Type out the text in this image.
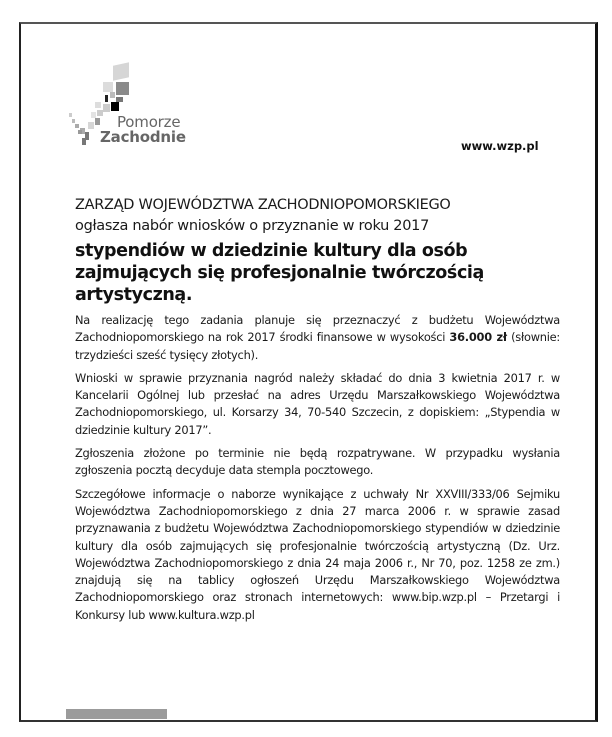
Pomorze
Zachodnie	www.wzp.pl
ZARZĄD WOJEWÓDZTWA ZACHODNIOPOMORSKIEGO
ogłasza nabór wniosków o przyznanie w roku 2017
stypendiów w dziedzinie kultury dla osób zajmujących się profesjonalnie twórczością artystyczną.
Na realizację tego zadania planuje się przeznaczyć z budżetu Województwa Zachodniopomorskiego na rok 2017 środki finansowe w wysokości 36.000 zł (słownie: trzydzieści sześć tysięcy złotych).
Wnioski w sprawie przyznania nagród należy składać do dnia 3 kwietnia 2017 r. w Kancelarii Ogólnej lub przesłać na adres Urzędu Marszałkowskiego Województwa Zachodniopomorskiego, ul. Korsarzy 34, 70-540 Szczecin, z dopiskiem: „Stypendia w dziedzinie kultury 2017”.
Zgłoszenia złożone po terminie nie będą rozpatrywane. W przypadku wysłania zgłoszenia pocztą decyduje data stempla pocztowego.
Szczegółowe informacje o naborze wynikające z uchwały Nr XXVIII/333/06 Sejmiku Województwa Zachodniopomorskiego z dnia 27 marca 2006 r. w sprawie zasad przyznawania z budżetu Województwa Zachodniopomorskiego stypendiów w dziedzinie kultury dla osób zajmujących się profesjonalnie twórczością artystyczną (Dz. Urz. Województwa Zachodniopomorskiego z dnia 24 maja 2006 r., Nr 70, poz. 1258 ze zm.) znajdują się na tablicy ogłoszeń Urzędu Marszałkowskiego Województwa Zachodniopomorskiego oraz stronach internetowych: www.bip.wzp.pl – Przetargi i Konkursy lub www.kultura.wzp.pl
